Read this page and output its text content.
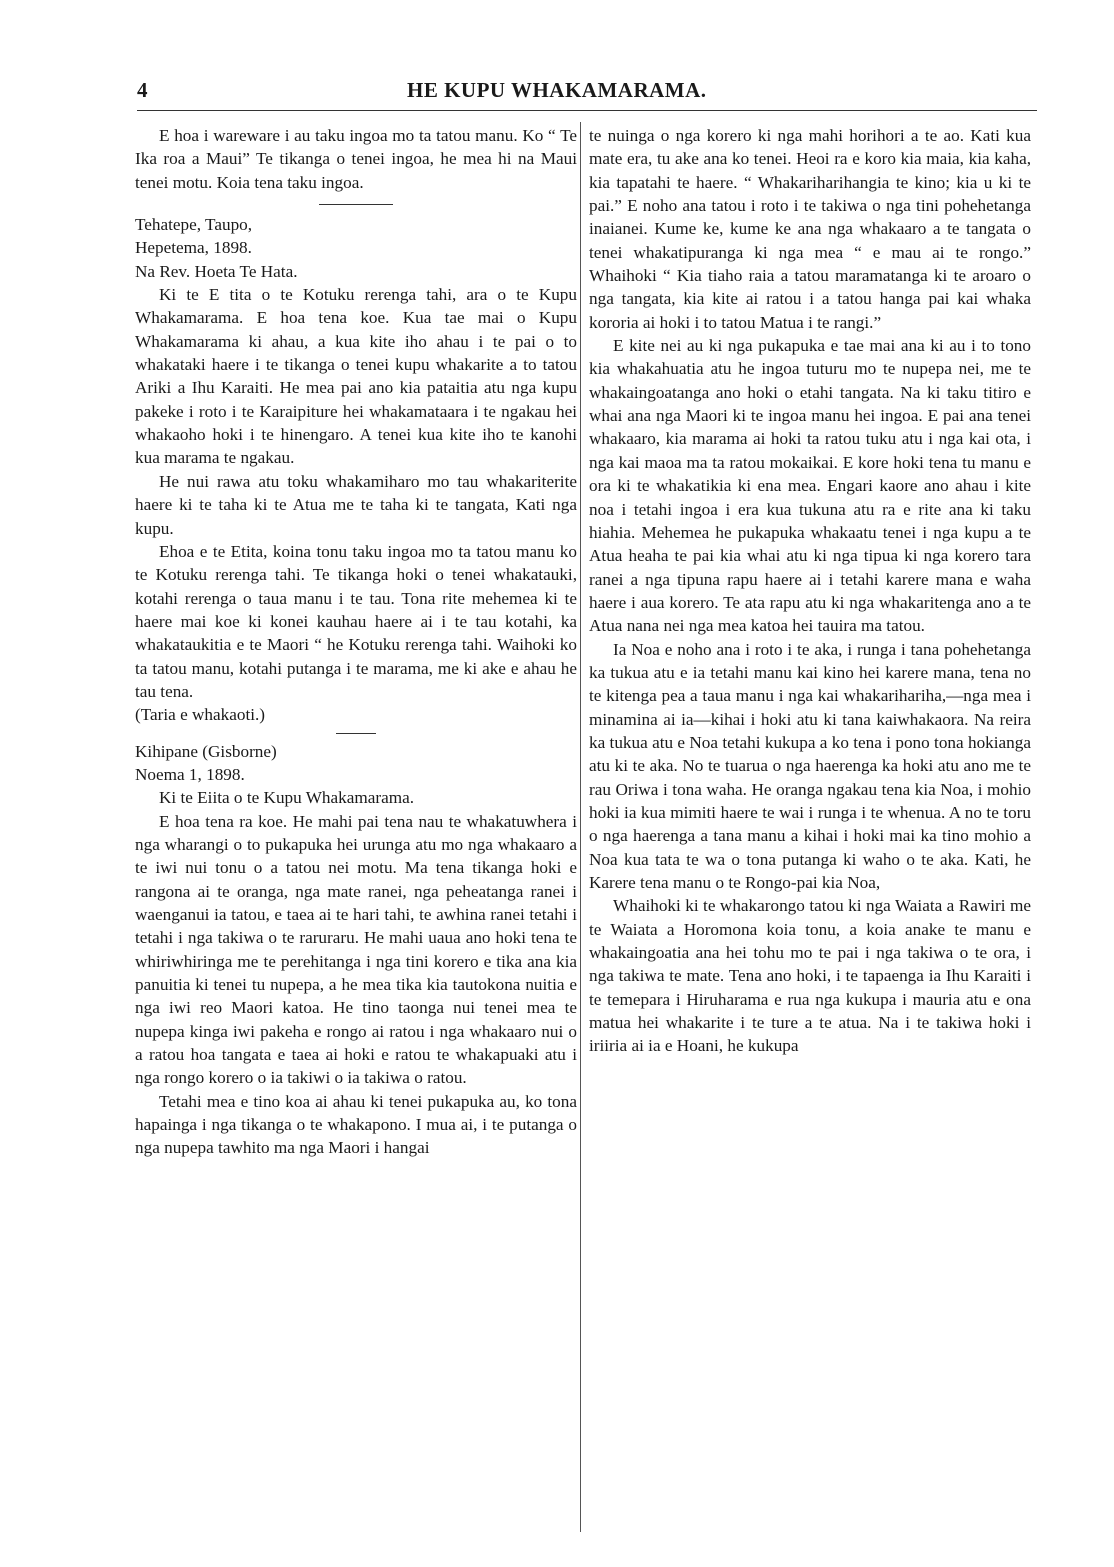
4	HE KUPU WHAKAMARAMA.

E hoa i wareware i au taku ingoa mo ta tatou manu. Ko “ Te Ika roa a Maui” Te tikanga o tenei ingoa, he mea hi na Maui tenei motu. Koia tena taku ingoa.

Tehatepe, Taupo,

Hepetema, 1898.

Na Rev. Hoeta Te Hata.

Ki te E tita o te Kotuku rerenga tahi, ara o te Kupu Whakamarama. E hoa tena koe. Kua tae mai o Kupu Whakamarama ki ahau, a kua kite iho ahau i te pai o to whakataki haere i te tikanga o tenei kupu whakarite a to tatou Ariki a Ihu Karaiti. He mea pai ano kia pataitia atu nga kupu pakeke i roto i te Karaipiture hei whakamataara i te ngakau hei whakaoho hoki i te hinengaro. A tenei kua kite iho te kanohi kua marama te ngakau.

He nui rawa atu toku whakamiharo mo tau whakariterite haere ki te taha ki te Atua me te taha ki te tangata, Kati nga kupu.

Ehoa e te Etita, koina tonu taku ingoa mo ta tatou manu ko te Kotuku rerenga tahi. Te tikanga hoki o tenei whakatauki, kotahi rerenga o taua manu i te tau. Tona rite mehemea ki te haere mai koe ki konei kauhau haere ai i te tau kotahi, ka whakataukitia e te Maori “ he Kotuku rerenga tahi. Waihoki ko ta tatou manu, kotahi putanga i te marama, me ki ake e ahau he tau tena.

(Taria e whakaoti.)

Kihipane (Gisborne)

Noema 1, 1898.

Ki te Eiita o te Kupu Whakamarama.

E hoa tena ra koe. He mahi pai tena nau te whakatuwhera i nga wharangi o to pukapuka hei urunga atu mo nga whakaaro a te iwi nui tonu o a tatou nei motu. Ma tena tikanga hoki e rangona ai te oranga, nga mate ranei, nga peheatanga ranei i waenganui ia tatou, e taea ai te hari tahi, te awhina ranei tetahi i tetahi i nga takiwa o te raruraru. He mahi uaua ano hoki tena te whiriwhiringa me te perehitanga i nga tini korero e tika ana kia panuitia ki tenei tu nupepa, a he mea tika kia tautokona nuitia e nga iwi reo Maori katoa. He tino taonga nui tenei mea te nupepa kinga iwi pakeha e rongo ai ratou i nga whakaaro nui o a ratou hoa tangata e taea ai hoki e ratou te whakapuaki atu i nga rongo korero o ia takiwi o ia takiwa o ratou.

Tetahi mea e tino koa ai ahau ki tenei pukapuka au, ko tona hapainga i nga tikanga o te whakapono. I mua ai, i te putanga o nga nupepa tawhito ma nga Maori i hangai

te nuinga o nga korero ki nga mahi horihori a te ao. Kati kua mate era, tu ake ana ko tenei. Heoi ra e koro kia maia, kia kaha, kia tapatahi te haere. “ Whakariharihangia te kino; kia u ki te pai.” E noho ana tatou i roto i te takiwa o nga tini pohehetanga inaianei. Kume ke, kume ke ana nga whakaaro a te tangata o tenei whakatipuranga ki nga mea “ e mau ai te rongo.” Whaihoki “ Kia tiaho raia a tatou maramatanga ki te aroaro o nga tangata, kia kite ai ratou i a tatou hanga pai kai whaka kororia ai hoki i to tatou Matua i te rangi.”

E kite nei au ki nga pukapuka e tae mai ana ki au i to tono kia whakahuatia atu he ingoa tuturu mo te nupepa nei, me te whakaingoatanga ano hoki o etahi tangata. Na ki taku titiro e whai ana nga Maori ki te ingoa manu hei ingoa. E pai ana tenei whakaaro, kia marama ai hoki ta ratou tuku atu i nga kai ota, i nga kai maoa ma ta ratou mokaikai. E kore hoki tena tu manu e ora ki te whakatikia ki ena mea. Engari kaore ano ahau i kite noa i tetahi ingoa i era kua tukuna atu ra e rite ana ki taku hiahia. Mehemea he pukapuka whakaatu tenei i nga kupu a te Atua heaha te pai kia whai atu ki nga tipua ki nga korero tara ranei a nga tipuna rapu haere ai i tetahi karere mana e waha haere i aua korero. Te ata rapu atu ki nga whakaritenga ano a te Atua nana nei nga mea katoa hei tauira ma tatou.

Ia Noa e noho ana i roto i te aka, i runga i tana pohehetanga ka tukua atu e ia tetahi manu kai kino hei karere mana, tena no te kitenga pea a taua manu i nga kai whakarihariha,—nga mea i minamina ai ia—kihai i hoki atu ki tana kaiwhakaora. Na reira ka tukua atu e Noa tetahi kukupa a ko tena i pono tona hokianga atu ki te aka. No te tuarua o nga haerenga ka hoki atu ano me te rau Oriwa i tona waha. He oranga ngakau tena kia Noa, i mohio hoki ia kua mimiti haere te wai i runga i te whenua. A no te toru o nga haerenga a tana manu a kihai i hoki mai ka tino mohio a Noa kua tata te wa o tona putanga ki waho o te aka. Kati, he Karere tena manu o te Rongo-pai kia Noa,

Whaihoki ki te whakarongo tatou ki nga Waiata a Rawiri me te Waiata a Horomona koia tonu, a koia anake te manu e whakaingoatia ana hei tohu mo te pai i nga takiwa o te ora, i nga takiwa te mate. Tena ano hoki, i te tapaenga ia Ihu Karaiti i te temepara i Hiruharama e rua nga kukupa i mauria atu e ona matua hei whakarite i te ture a te atua. Na i te takiwa hoki i iriiria ai ia e Hoani, he kukupa
